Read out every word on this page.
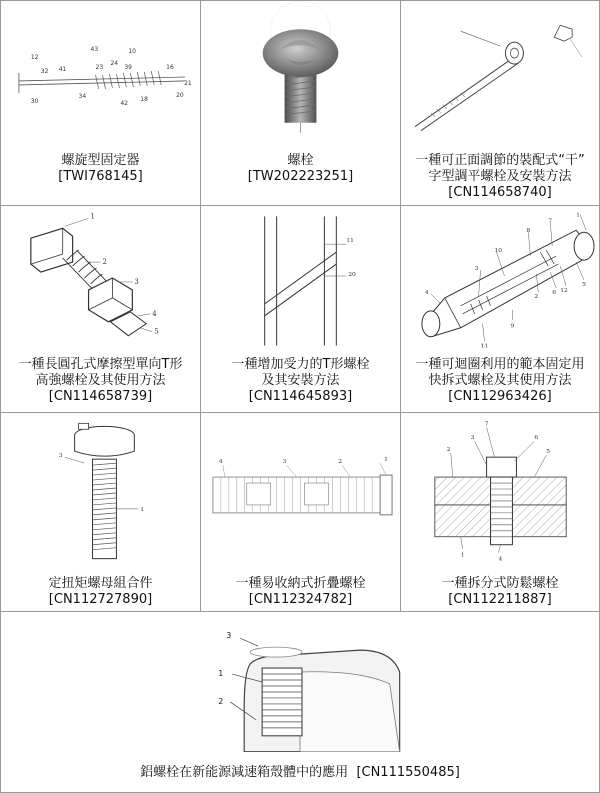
12
43	10
32 41	23
24
39	16
21
20
34
42
18
30
螺旋型固定器
[TWI768145]
螺栓
[TW202223251]
一種可正面調節的裝配式“干”
字型調平螺栓及安裝方法
[CN114658740]
1
2
3
4
5
一種長圓孔式摩擦型單向T形
高強螺栓及其使用方法
[CN114658739]
11
20
一種增加受力的T形螺栓
及其安裝方法
[CN114645893]
1
7
8
10
3
4
2
6 12
5
9
11
一種可迴圈利用的範本固定用
快拆式螺栓及其使用方法
[CN112963426]
3
1
定扭矩螺母組合件
[CN112727890]
4	3	2	1
一種易收納式折疊螺栓
[CN112324782]
7
3	6
2	5
1
4
一種拆分式防鬆螺栓
[CN112211887]
3
1
2
鋁螺栓在新能源減速箱殼體中的應用 [CN111550485]
